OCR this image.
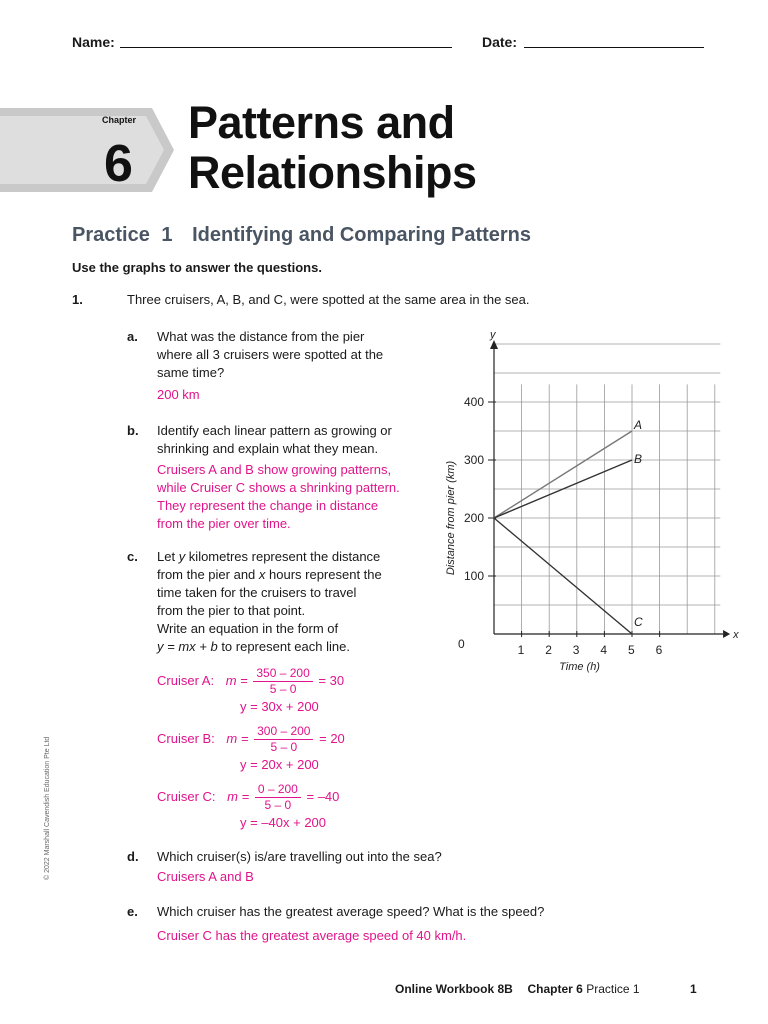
Name:	Date:
Chapter
6
Patterns and
Relationships
Practice 1 Identifying and Comparing Patterns
Use the graphs to answer the questions.
1.	Three cruisers, A, B, and C, were spotted at the same area in the sea.
a. What was the distance from the pier
where all 3 cruisers were spotted at the
same time?
200 km
b. Identify each linear pattern as growing or
shrinking and explain what they mean.
Cruisers A and B show growing patterns,
while Cruiser C shows a shrinking pattern.
They represent the change in distance
from the pier over time.
c. Let y kilometres represent the distance
from the pier and x hours represent the
time taken for the cruisers to travel
from the pier to that point.
Write an equation in the form of
y = mx + b to represent each line.
Cruiser A: $m = \frac{350 - 200}{5 - 0} = 30$
y = 30x + 200
Cruiser B: $m = \frac{300 - 200}{5 - 0} = 20$
y = 20x + 200
Cruiser C: $m = \frac{0 - 200}{5 - 0} = -40$
y = –40x + 200
d. Which cruiser(s) is/are travelling out into the sea?
Cruisers A and B
e. Which cruiser has the greatest average speed? What is the speed?
Cruiser C has the greatest average speed of 40 km/h.
x
y
0	1 2 3 4 5 6
100
200
300
400
Time (h)
Distance from pier (km)
A
B
C
© 2022 Marshall Cavendish Education Pte Ltd
Online Workbook 8B Chapter 6 Practice 1	1
